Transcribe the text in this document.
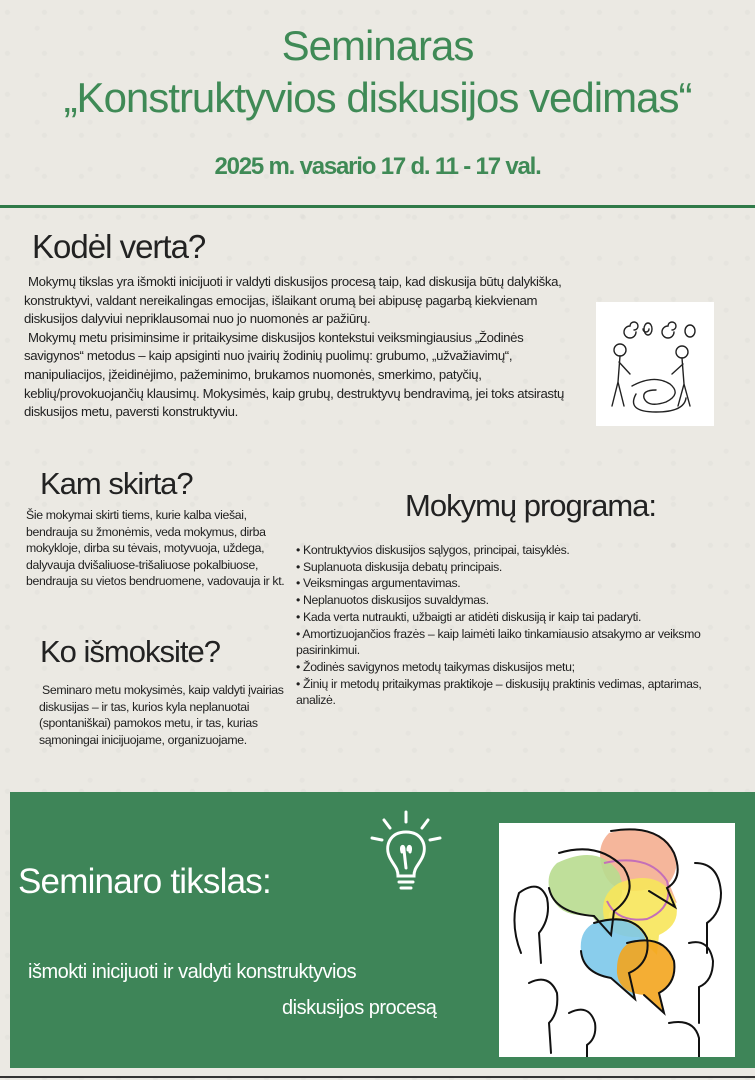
Seminaras
„Konstruktyvios diskusijos vedimas“
2025 m. vasario 17 d. 11 - 17 val.
Kodėl verta?

Mokymų tikslas yra išmokti inicijuoti ir valdyti diskusijos procesą taip, kad diskusija būtų dalykiška, konstruktyvi, valdant nereikalingas emocijas, išlaikant orumą bei abipusę pagarbą kiekvienam diskusijos dalyviui nepriklausomai nuo jo nuomonės ar pažiūrų.

Mokymų metu prisiminsime ir pritaikysime diskusijos kontekstui veiksmingiausius „Žodinės savigynos“ metodus – kaip apsiginti nuo įvairių žodinių puolimų: grubumo, „užvažiavimų“, manipuliacijos, įžeidinėjimo, pažeminimo, brukamos nuomonės, smerkimo, patyčių, keblių/provokuojančių klausimų. Mokysimės, kaip grubų, destruktyvų bendravimą, jei toks atsirastų diskusijos metu, paversti konstruktyviu.

Kam skirta?
Šie mokymai skirti tiems, kurie kalba viešai, bendrauja su žmonėmis, veda mokymus, dirba mokykloje, dirba su tėvais, motyvuoja, uždega, dalyvauja dvišaliuose-trišaliuose pokalbiuose, bendrauja su vietos bendruomene, vadovauja ir kt.
Ko išmoksite?
Seminaro metu mokysimės, kaip valdyti įvairias diskusijas – ir tas, kurios kyla neplanuotai (spontaniškai) pamokos metu, ir tas, kurias sąmoningai inicijuojame, organizuojame.
Mokymų programa:
• Kontruktyvios diskusijos sąlygos, principai, taisyklės.
• Suplanuota diskusija debatų principais.
• Veiksmingas argumentavimas.
• Neplanuotos diskusijos suvaldymas.
• Kada verta nutraukti, užbaigti ar atidėti diskusiją ir kaip tai padaryti.
• Amortizuojančios frazės – kaip laimėti laiko tinkamiausio atsakymo ar veiksmo pasirinkimui.
• Žodinės savigynos metodų taikymas diskusijos metu;
• Žinių ir metodų pritaikymas praktikoje – diskusijų praktinis vedimas, aptarimas, analizė.
Seminaro tikslas:
išmokti inicijuoti ir valdyti konstruktyvios
diskusijos procesą
